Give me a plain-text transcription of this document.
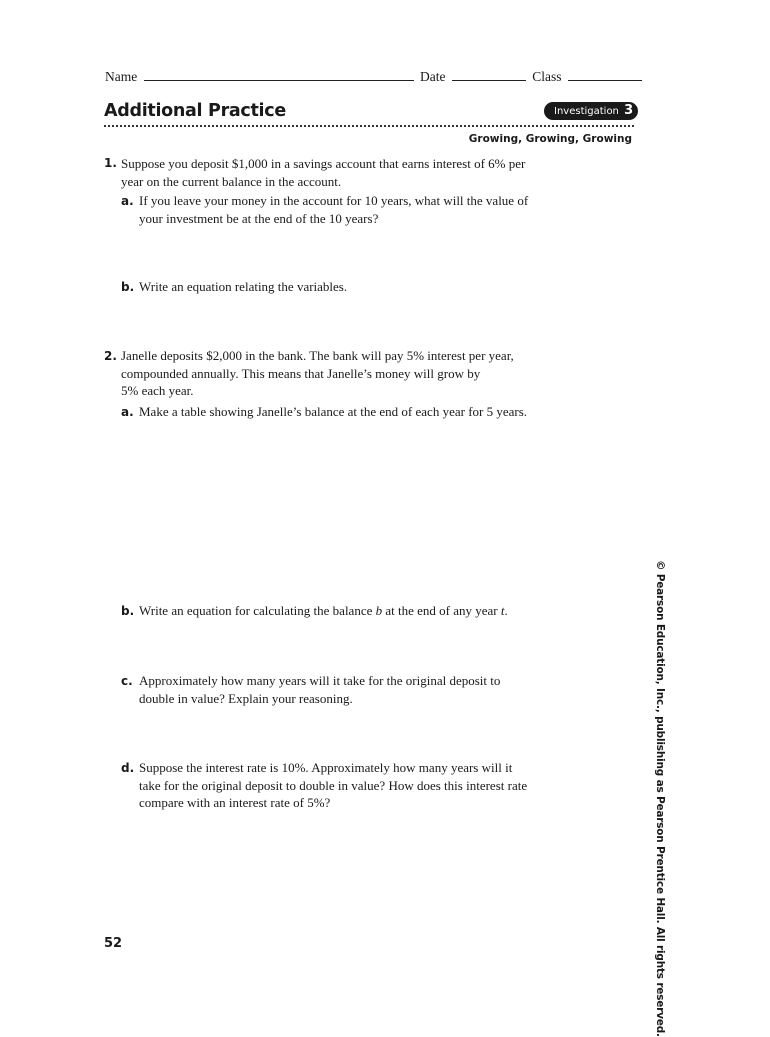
Name	Date	Class
Additional Practice	Investigation 3
Growing, Growing, Growing
1. Suppose you deposit $1,000 in a savings account that earns interest of 6% per
year on the current balance in the account.
a. If you leave your money in the account for 10 years, what will the value of
your investment be at the end of the 10 years?
b. Write an equation relating the variables.
2. Janelle deposits $2,000 in the bank. The bank will pay 5% interest per year,
compounded annually. This means that Janelle’s money will grow by
5% each year.
a. Make a table showing Janelle’s balance at the end of each year for 5 years.
b. Write an equation for calculating the balance b at the end of any year t.
c. Approximately how many years will it take for the original deposit to
double in value? Explain your reasoning.
d. Suppose the interest rate is 10%. Approximately how many years will it
take for the original deposit to double in value? How does this interest rate
compare with an interest rate of 5%?	© Pearson Education, Inc., publishing as Pearson Prentice Hall. All rights reserved.
52
